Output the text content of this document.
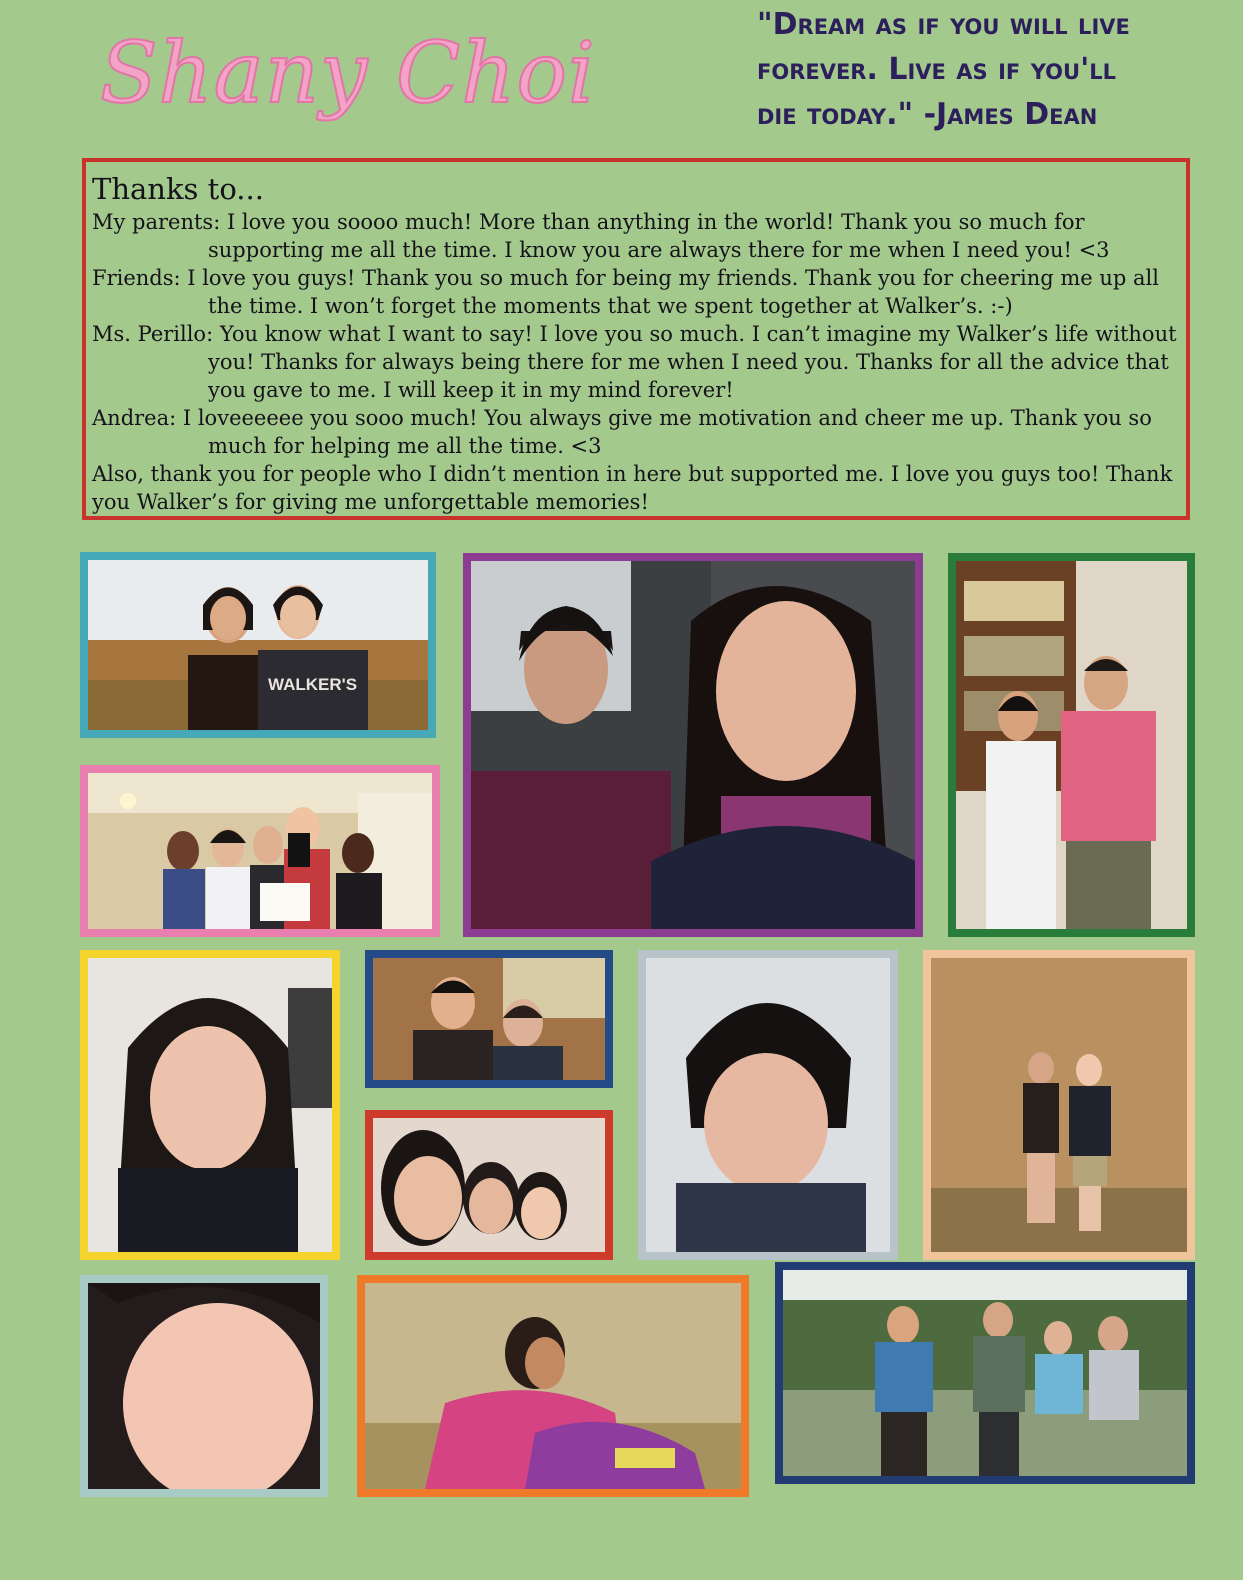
Shany Choi	"Dream as if you will live
forever. Live as if you'll
die today." -James Dean
Thanks to...
My parents: I love you soooo much! More than anything in the world! Thank you so much for supporting me all the time. I know you are always there for me when I need you! <3
Friends: I love you guys! Thank you so much for being my friends. Thank you for cheering me up all the time. I won’t forget the moments that we spent together at Walker’s. :-)
Ms. Perillo: You know what I want to say! I love you so much. I can’t imagine my Walker’s life without you! Thanks for always being there for me when I need you. Thanks for all the advice that you gave to me. I will keep it in my mind forever!
Andrea: I loveeeeee you sooo much! You always give me motivation and cheer me up. Thank you so much for helping me all the time. <3
Also, thank you for people who I didn’t mention in here but supported me. I love you guys too! Thank you Walker’s for giving me unforgettable memories!
WALKER'S
